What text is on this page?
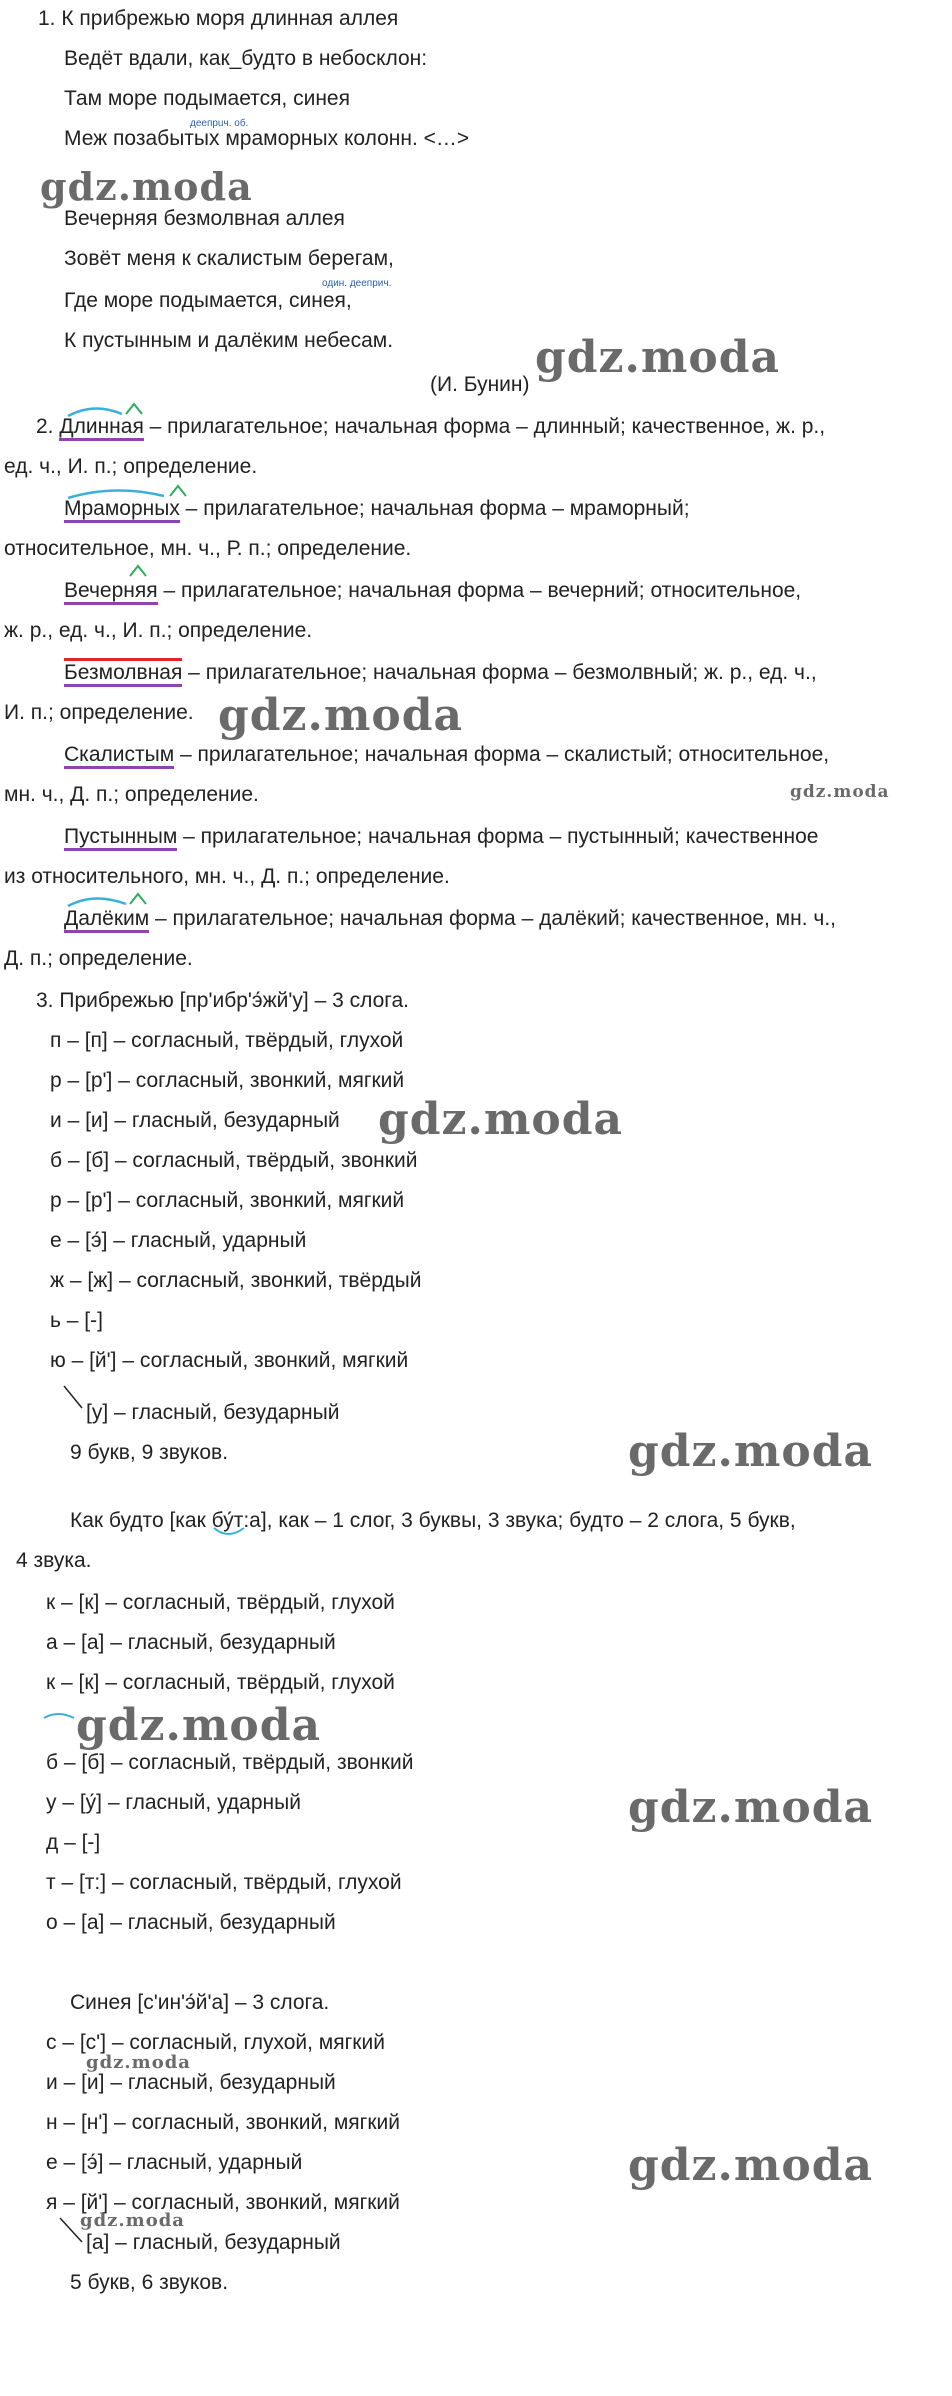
1. К прибрежью моря длинная аллея
Ведёт вдали, как_будто в небосклон:
Там море подымается, синея
деепрuч. об.
Меж позабытых мраморных колонн. <…>
gdz.moda
Вечерняя безмолвная аллея
Зовёт меня к скалистым берегам,
один. дееприч.
Где море подымается, синея,
К пустынным и далёким небесам.
(И. Бунин)
gdz.moda
2. Длинная – прилагательное; начальная форма – длинный; качественное, ж. р.,
ед. ч., И. п.; определение.
Мраморных – прилагательное; начальная форма – мраморный;
относительное, мн. ч., Р. п.; определение.
Вечерняя – прилагательное; начальная форма – вечерний; относительное,
ж. р., ед. ч., И. п.; определение.
Безмолвная – прилагательное; начальная форма – безмолвный; ж. р., ед. ч.,
И. п.; определение. gdz.moda
Скалистым – прилагательное; начальная форма – скалистый; относительное,
gdz.moda
мн. ч., Д. п.; определение.
Пустынным – прилагательное; начальная форма – пустынный; качественное
из относительного, мн. ч., Д. п.; определение.
Далёким – прилагательное; начальная форма – далёкий; качественное, мн. ч.,
Д. п.; определение.
3. Прибрежью [пр'ибр'э́жй'у] – 3 слога.
п – [п] – согласный, твёрдый, глухой
р – [р'] – согласный, звонкий, мягкий
и – [и] – гласный, безударный gdz.moda
б – [б] – согласный, твёрдый, звонкий
р – [р'] – согласный, звонкий, мягкий
е – [э́] – гласный, ударный
ж – [ж] – согласный, звонкий, твёрдый
ь – [-]
ю – [й'] – согласный, звонкий, мягкий
[у] – гласный, безударный
9 букв, 9 звуков.	gdz.moda
Как будто [как бу́т:а], как – 1 слог, 3 буквы, 3 звука; будто – 2 слога, 5 букв,
4 звука.
к – [к] – согласный, твёрдый, глухой
а – [а] – гласный, безударный
к – [к] – согласный, твёрдый, глухой
gdz.moda
б – [б] – согласный, твёрдый, звонкий
у – [у́] – гласный, ударный	gdz.moda
д – [-]
т – [т:] – согласный, твёрдый, глухой
о – [а] – гласный, безударный
Синея [с'ин'э́й'а] – 3 слога.
с – [с'] – согласный, глухой, мягкий
gdz.moda
и – [и] – гласный, безударный
н – [н'] – согласный, звонкий, мягкий
е – [э́] – гласный, ударный	gdz.moda
я – [й'] – согласный, звонкий, мягкий
gdz.moda
[а] – гласный, безударный
5 букв, 6 звуков.
